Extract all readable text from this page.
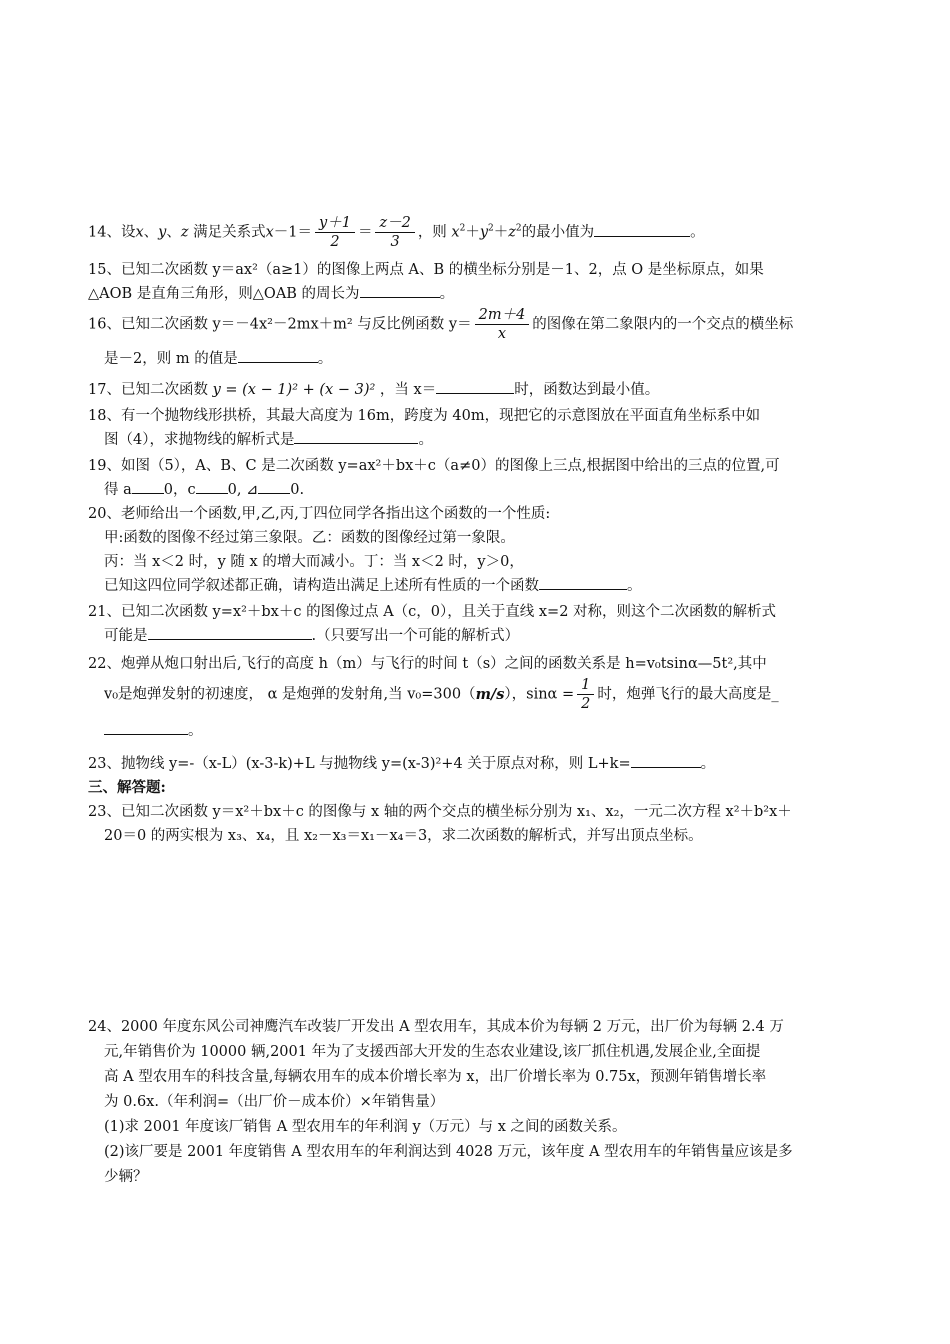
14、设x、y、z 满足关系式$x-1= \frac{y+1}{2} = \frac{z-2}{3}$ ，则 $x^2+y^2+z^2$的最小值为	。
15、已知二次函数 y＝ax²（a≥1）的图像上两点 A、B 的横坐标分别是－1、2，点 O 是坐标原点，如果
△AOB 是直角三角形，则△OAB 的周长为	。
16、已知二次函数 y＝－4x²－2mx＋m² 与反比例函数 $y= \frac{2m+4}{x}$ 的图像在第二象限内的一个交点的横坐标
是－2，则 m 的值是	。
17、已知二次函数 y = (x − 1)² + (x − 3)² ，当 x＝	时，函数达到最小值。
18、有一个抛物线形拱桥，其最大高度为 16m，跨度为 40m，现把它的示意图放在平面直角坐标系中如
图（4），求抛物线的解析式是	。
19、如图（5），A、B、C 是二次函数 y=ax²＋bx＋c（a≠0）的图像上三点,根据图中给出的三点的位置,可
得 a 0，c 0, ⊿ 0.
20、老师给出一个函数,甲,乙,丙,丁四位同学各指出这个函数的一个性质:
甲:函数的图像不经过第三象限。乙：函数的图像经过第一象限。
丙：当 x＜2 时，y 随 x 的增大而减小。丁：当 x＜2 时，y＞0，
已知这四位同学叙述都正确，请构造出满足上述所有性质的一个函数	。
21、已知二次函数 y=x²＋bx＋c 的图像过点 A（c，0），且关于直线 x=2 对称，则这个二次函数的解析式
可能是	.（只要写出一个可能的解析式）
22、炮弹从炮口射出后,飞行的高度 h（m）与飞行的时间 t（s）之间的函数关系是 h=v₀tsinα—5t²,其中
v₀是炮弹发射的初速度， α 是炮弹的发射角,当 v₀=300（m/s），$\sin\alpha = \frac{1}{2}$ 时，炮弹飞行的最大高度是_
。
23、抛物线 y=-（x-L）(x-3-k)+L 与抛物线 y=(x-3)²+4 关于原点对称，则 L+k=	。
三、解答题:
23、已知二次函数 y＝x²＋bx＋c 的图像与 x 轴的两个交点的横坐标分别为 x₁、x₂，一元二次方程 x²＋b²x＋
20＝0 的两实根为 x₃、x₄，且 x₂－x₃＝x₁－x₄＝3，求二次函数的解析式，并写出顶点坐标。
24、2000 年度东风公司神鹰汽车改装厂开发出 A 型农用车，其成本价为每辆 2 万元，出厂价为每辆 2.4 万
元,年销售价为 10000 辆,2001 年为了支援西部大开发的生态农业建设,该厂抓住机遇,发展企业,全面提
高 A 型农用车的科技含量,每辆农用车的成本价增长率为 x，出厂价增长率为 0.75x，预测年销售增长率
为 0.6x.（年利润=（出厂价－成本价）×年销售量）
(1)求 2001 年度该厂销售 A 型农用车的年利润 y（万元）与 x 之间的函数关系。
(2)该厂要是 2001 年度销售 A 型农用车的年利润达到 4028 万元，该年度 A 型农用车的年销售量应该是多
少辆？
